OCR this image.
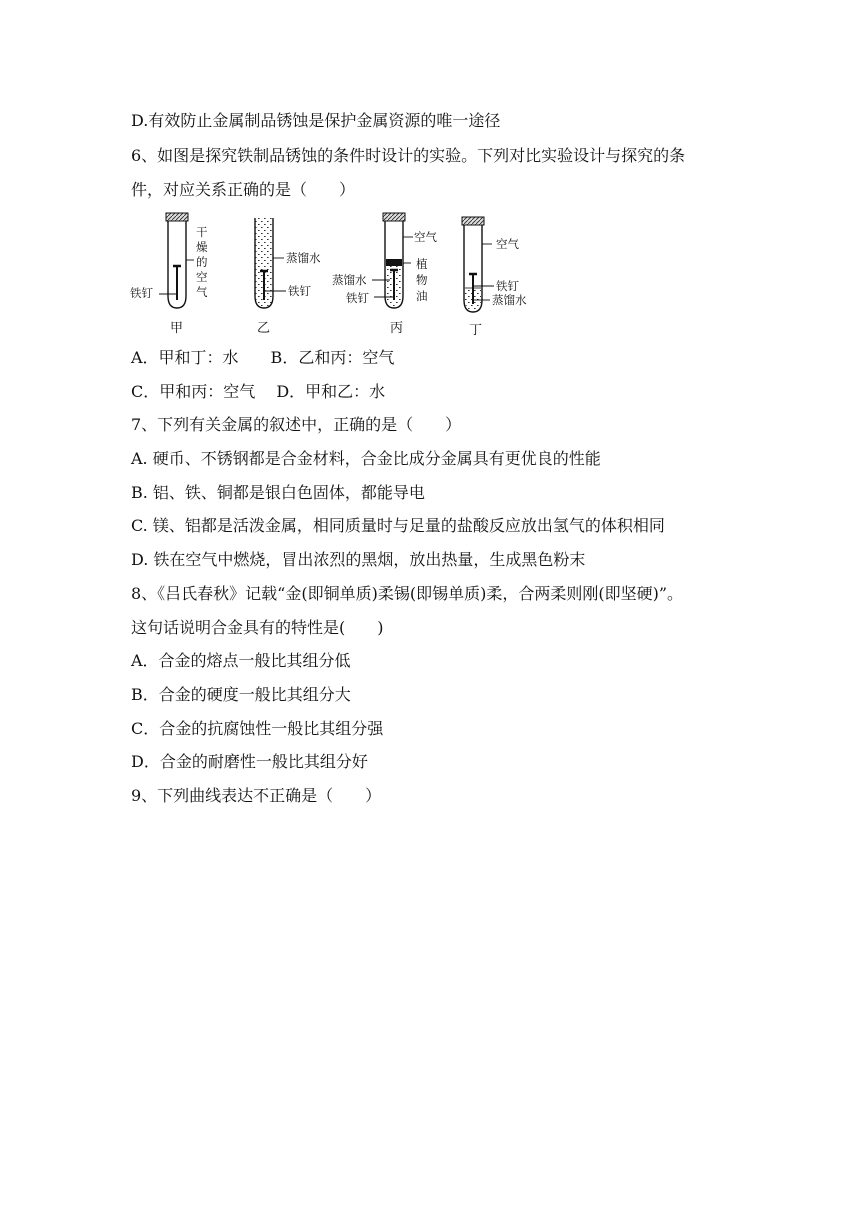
D.有效防止金属制品锈蚀是保护金属资源的唯一途径
6、如图是探究铁制品锈蚀的条件时设计的实验。下列对比实验设计与探究的条
件，对应关系正确的是（　　）
干
燥
的
空
气
铁钉
甲
蒸馏水
铁钉
乙
空气
植
物
油
蒸馏水
铁钉
丙
空气
铁钉
蒸馏水
丁
A．甲和丁：水　　B．乙和丙：空气
C．甲和丙：空气　 D．甲和乙：水
7、下列有关金属的叙述中，正确的是（　　）
A. 硬币、不锈钢都是合金材料，合金比成分金属具有更优良的性能
B. 铝、铁、铜都是银白色固体，都能导电
C. 镁、铝都是活泼金属，相同质量时与足量的盐酸反应放出氢气的体积相同
D. 铁在空气中燃烧，冒出浓烈的黑烟，放出热量，生成黑色粉末
8、《吕氏春秋》记载“金(即铜单质)柔锡(即锡单质)柔，合两柔则刚(即坚硬)”。
这句话说明合金具有的特性是(　　)
A．合金的熔点一般比其组分低
B．合金的硬度一般比其组分大
C．合金的抗腐蚀性一般比其组分强
D．合金的耐磨性一般比其组分好
9、下列曲线表达不正确是（　　）
